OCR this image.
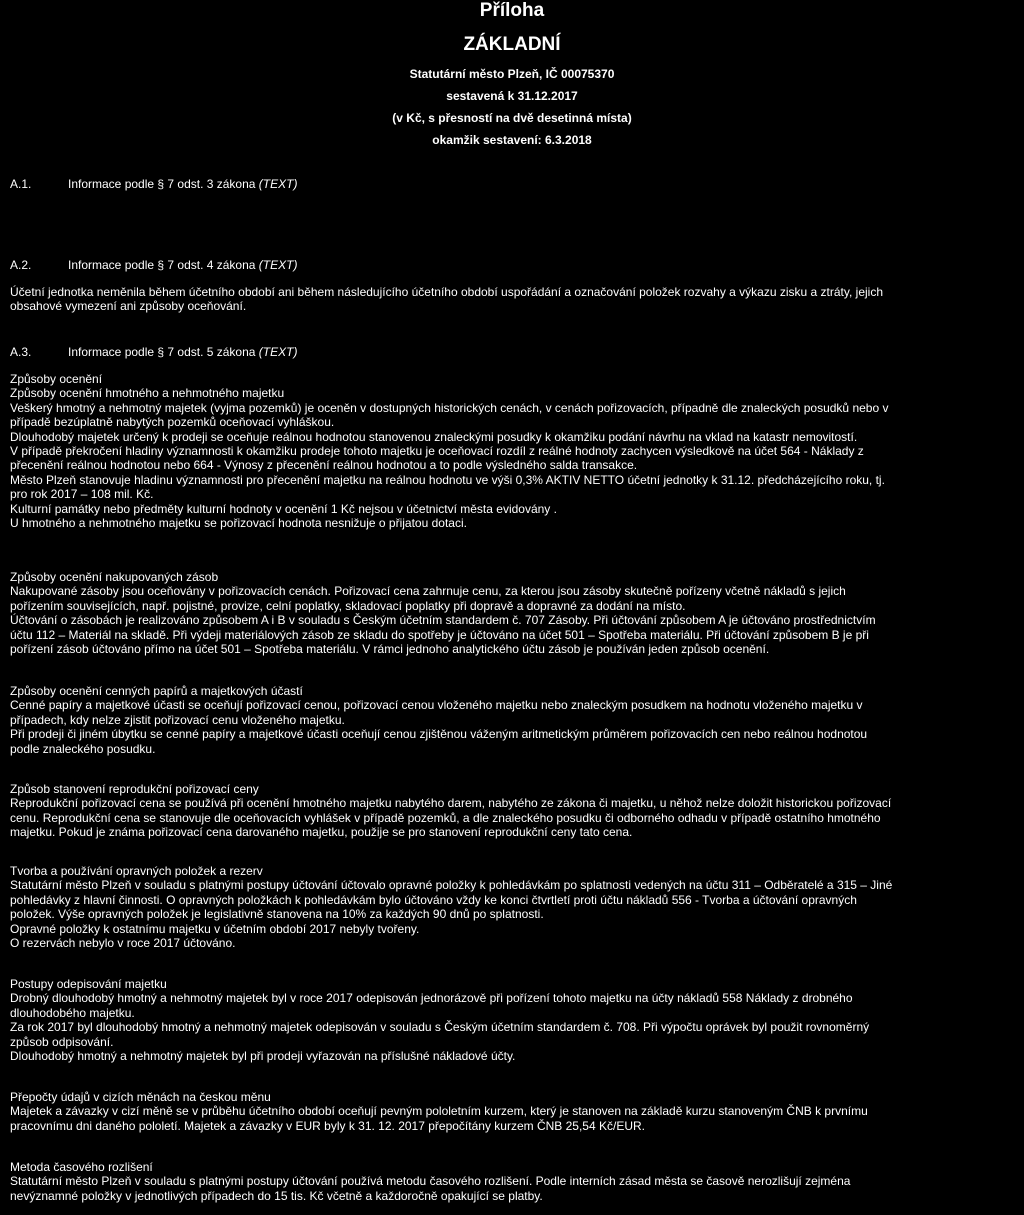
Příloha
ZÁKLADNÍ
Statutární město Plzeň, IČ 00075370
sestavená k 31.12.2017
(v Kč, s přesností na dvě desetinná místa)
okamžik sestavení: 6.3.2018
A.1.	Informace podle § 7 odst. 3 zákona (TEXT)
A.2.	Informace podle § 7 odst. 4 zákona (TEXT)
Účetní jednotka neměnila během účetního období ani během následujícího účetního období uspořádání a označování položek rozvahy a výkazu zisku a ztráty, jejich
obsahové vymezení ani způsoby oceňování.
A.3.	Informace podle § 7 odst. 5 zákona (TEXT)
Způsoby ocenění
Způsoby ocenění hmotného a nehmotného majetku
Veškerý hmotný a nehmotný majetek (vyjma pozemků) je oceněn v dostupných historických cenách, v cenách pořizovacích, případně dle znaleckých posudků nebo v
případě bezúplatně nabytých pozemků oceňovací vyhláškou.
Dlouhodobý majetek určený k prodeji se oceňuje reálnou hodnotou stanovenou znaleckými posudky k okamžiku podání návrhu na vklad na katastr nemovitostí.
V případě překročení hladiny významnosti k okamžiku prodeje tohoto majetku je oceňovací rozdíl z reálné hodnoty zachycen výsledkově na účet 564 - Náklady z
přecenění reálnou hodnotou nebo 664 - Výnosy z přecenění reálnou hodnotou a to podle výsledného salda transakce.
Město Plzeň stanovuje hladinu významnosti pro přecenění majetku na reálnou hodnotu ve výši 0,3% AKTIV NETTO účetní jednotky k 31.12. předcházejícího roku, tj.
pro rok 2017 – 108 mil. Kč.
Kulturní památky nebo předměty kulturní hodnoty v ocenění 1 Kč nejsou v účetnictví města evidovány .
U hmotného a nehmotného majetku se pořizovací hodnota nesnižuje o přijatou dotaci.
Způsoby ocenění nakupovaných zásob
Nakupované zásoby jsou oceňovány v pořizovacích cenách. Pořizovací cena zahrnuje cenu, za kterou jsou zásoby skutečně pořízeny včetně nákladů s jejich
pořízením souvisejících, např. pojistné, provize, celní poplatky, skladovací poplatky při dopravě a dopravné za dodání na místo.
Účtování o zásobách je realizováno způsobem A i B v souladu s Českým účetním standardem č. 707 Zásoby. Při účtování způsobem A je účtováno prostřednictvím
účtu 112 – Materiál na skladě. Při výdeji materiálových zásob ze skladu do spotřeby je účtováno na účet 501 – Spotřeba materiálu. Při účtování způsobem B je při
pořízení zásob účtováno přímo na účet 501 – Spotřeba materiálu. V rámci jednoho analytického účtu zásob je používán jeden způsob ocenění.
Způsoby ocenění cenných papírů a majetkových účastí
Cenné papíry a majetkové účasti se oceňují pořizovací cenou, pořizovací cenou vloženého majetku nebo znaleckým posudkem na hodnotu vloženého majetku v
případech, kdy nelze zjistit pořizovací cenu vloženého majetku.
Při prodeji či jiném úbytku se cenné papíry a majetkové účasti oceňují cenou zjištěnou váženým aritmetickým průměrem pořizovacích cen nebo reálnou hodnotou
podle znaleckého posudku.
Způsob stanovení reprodukční pořizovací ceny
Reprodukční pořizovací cena se používá při ocenění hmotného majetku nabytého darem, nabytého ze zákona či majetku, u něhož nelze doložit historickou pořizovací
cenu. Reprodukční cena se stanovuje dle oceňovacích vyhlášek v případě pozemků, a dle znaleckého posudku či odborného odhadu v případě ostatního hmotného
majetku. Pokud je známa pořizovací cena darovaného majetku, použije se pro stanovení reprodukční ceny tato cena.
Tvorba a používání opravných položek a rezerv
Statutární město Plzeň v souladu s platnými postupy účtování účtovalo opravné položky k pohledávkám po splatnosti vedených na účtu 311 – Odběratelé a 315 – Jiné
pohledávky z hlavní činnosti. O opravných položkách k pohledávkám bylo účtováno vždy ke konci čtvrtletí proti účtu nákladů 556 - Tvorba a účtování opravných
položek. Výše opravných položek je legislativně stanovena na 10% za každých 90 dnů po splatnosti.
Opravné položky k ostatnímu majetku v účetním období 2017 nebyly tvořeny.
O rezervách nebylo v roce 2017 účtováno.
Postupy odepisování majetku
Drobný dlouhodobý hmotný a nehmotný majetek byl v roce 2017 odepisován jednorázově při pořízení tohoto majetku na účty nákladů 558 Náklady z drobného
dlouhodobého majetku.
Za rok 2017 byl dlouhodobý hmotný a nehmotný majetek odepisován v souladu s Českým účetním standardem č. 708. Při výpočtu oprávek byl použit rovnoměrný
způsob odpisování.
Dlouhodobý hmotný a nehmotný majetek byl při prodeji vyřazován na příslušné nákladové účty.
Přepočty údajů v cizích měnách na českou měnu
Majetek a závazky v cizí měně se v průběhu účetního období oceňují pevným pololetním kurzem, který je stanoven na základě kurzu stanoveným ČNB k prvnímu
pracovnímu dni daného pololetí. Majetek a závazky v EUR byly k 31. 12. 2017 přepočítány kurzem ČNB 25,54 Kč/EUR.
Metoda časového rozlišení
Statutární město Plzeň v souladu s platnými postupy účtování používá metodu časového rozlišení. Podle interních zásad města se časově nerozlišují zejména
nevýznamné položky v jednotlivých případech do 15 tis. Kč včetně a každoročně opakující se platby.
